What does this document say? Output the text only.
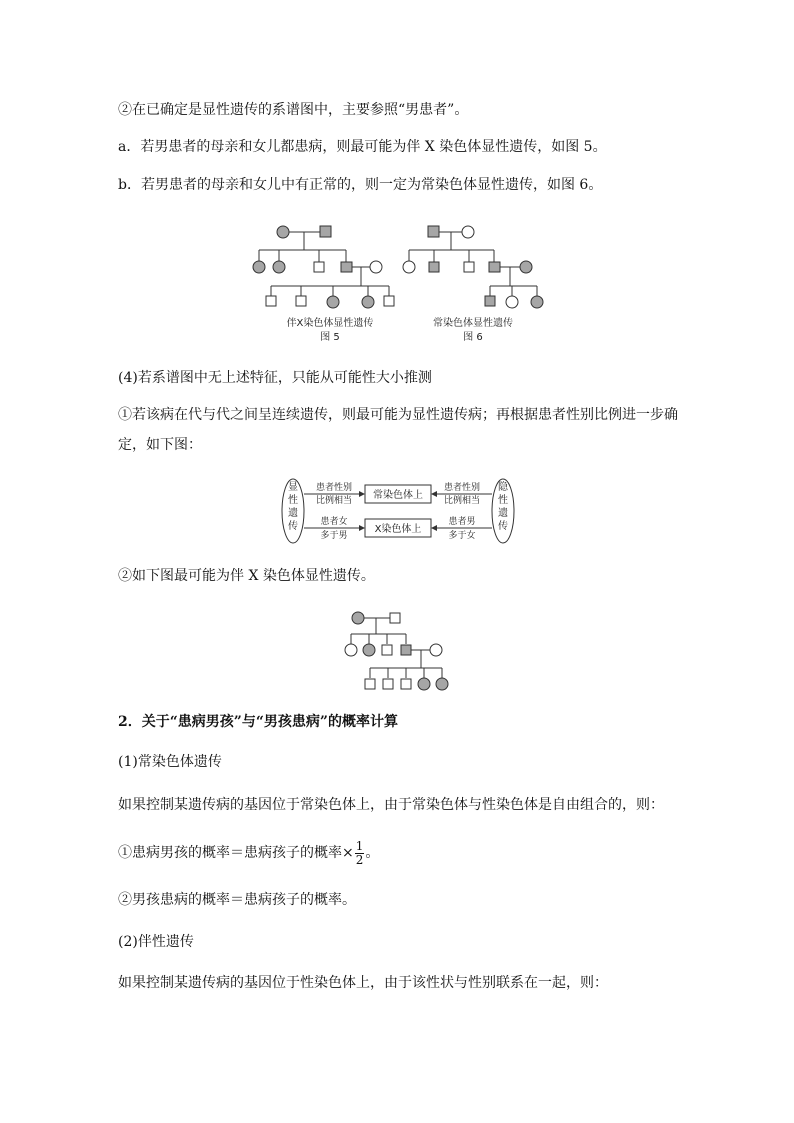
②在已确定是显性遗传的系谱图中，主要参照“男患者”。
a．若男患者的母亲和女儿都患病，则最可能为伴 X 染色体显性遗传，如图 5。
b．若男患者的母亲和女儿中有正常的，则一定为常染色体显性遗传，如图 6。
伴X染色体显性遗传
图 5
常染色体显性遗传
图 6
(4)若系谱图中无上述特征，只能从可能性大小推测
①若该病在代与代之间呈连续遗传，则最可能为显性遗传病；再根据患者性别比例进一步确定，如下图：
显
性
遗
传
隐
性
遗
传
常染色体上
X染色体上
患者性别
比例相当
患者性别
比例相当
患者女
多于男
患者男
多于女
②如下图最可能为伴 X 染色体显性遗传。
2．关于“患病男孩”与“男孩患病”的概率计算
(1)常染色体遗传
如果控制某遗传病的基因位于常染色体上，由于常染色体与性染色体是自由组合的，则：
①患病男孩的概率＝患病孩子的概率× $\frac{1}{2}$ 。
②男孩患病的概率＝患病孩子的概率。
(2)伴性遗传
如果控制某遗传病的基因位于性染色体上，由于该性状与性别联系在一起，则：
